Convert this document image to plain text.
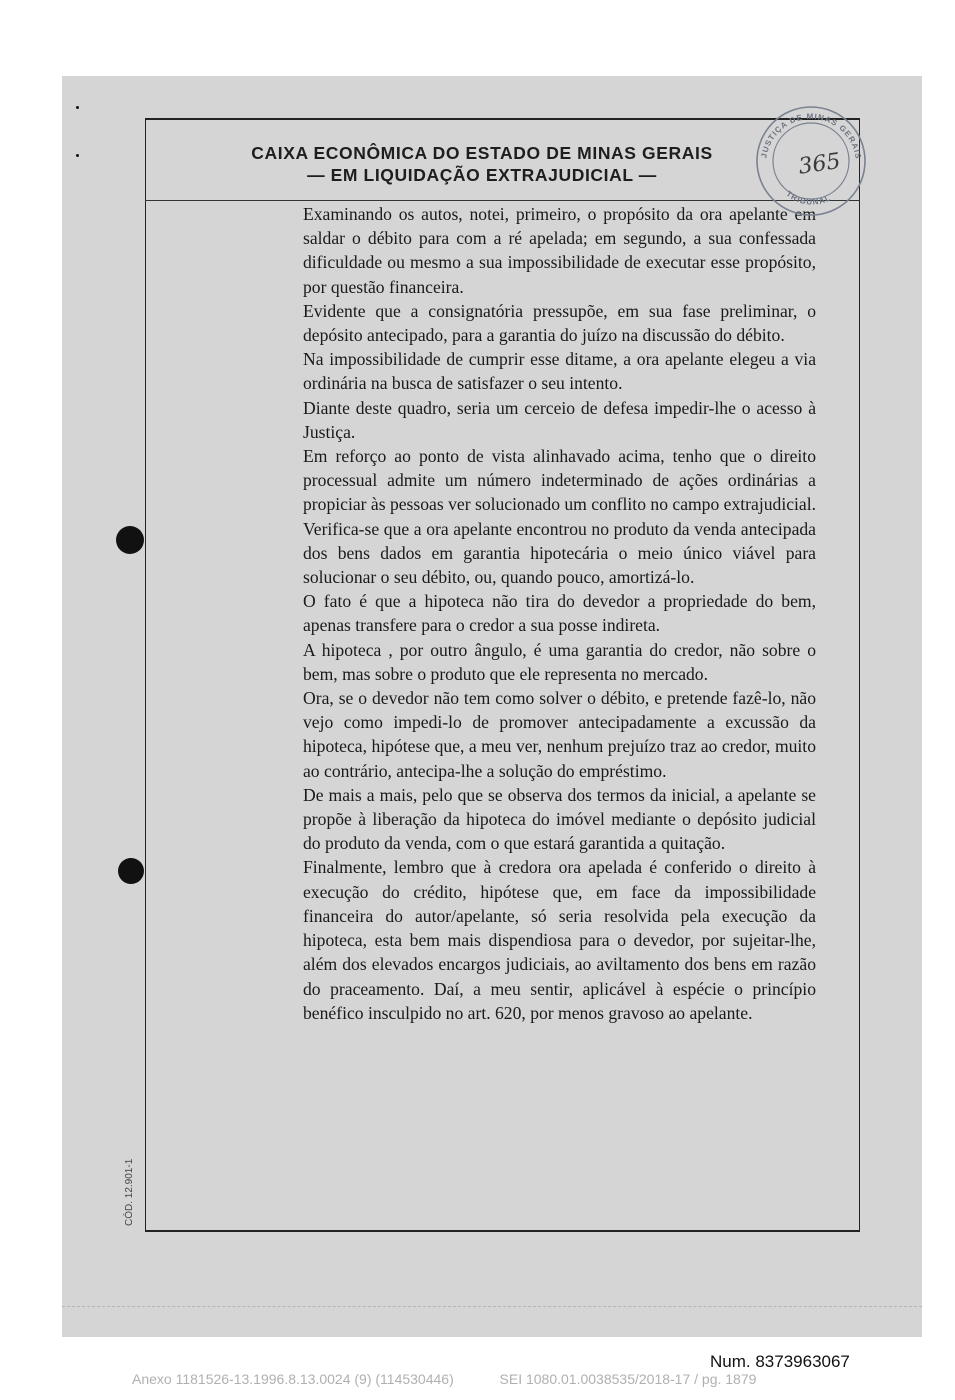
CAIXA ECONÔMICA DO ESTADO DE MINAS GERAIS
— EM LIQUIDAÇÃO EXTRAJUDICIAL —

Examinando os autos, notei, primeiro, o propósito da ora apelante em saldar o débito para com a ré apelada; em segundo, a sua confessada dificuldade ou mesmo a sua impossibilidade de executar esse propósito, por questão financeira.

Evidente que a consignatória pressupõe, em sua fase preliminar, o depósito antecipado, para a garantia do juízo na discussão do débito.

Na impossibilidade de cumprir esse ditame, a ora apelante elegeu a via ordinária na busca de satisfazer o seu intento.

Diante deste quadro, seria um cerceio de defesa impedir-lhe o acesso à Justiça.

Em reforço ao ponto de vista alinhavado acima, tenho que o direito processual admite um número indeterminado de ações ordinárias a propiciar às pessoas ver solucionado um conflito no campo extrajudicial.

Verifica-se que a ora apelante encontrou no produto da venda antecipada dos bens dados em garantia hipotecária o meio único viável para solucionar o seu débito, ou, quando pouco, amortizá-lo.

O fato é que a hipoteca não tira do devedor a propriedade do bem, apenas transfere para o credor a sua posse indireta.

A hipoteca , por outro ângulo, é uma garantia do credor, não sobre o bem, mas sobre o produto que ele representa no mercado.

Ora, se o devedor não tem como solver o débito, e pretende fazê-lo, não vejo como impedi-lo de promover antecipadamente a excussão da hipoteca, hipótese que, a meu ver, nenhum prejuízo traz ao credor, muito ao contrário, antecipa-lhe a solução do empréstimo.

De mais a mais, pelo que se observa dos termos da inicial, a apelante se propõe à liberação da hipoteca do imóvel mediante o depósito judicial do produto da venda, com o que estará garantida a quitação.

Finalmente, lembro que à credora ora apelada é conferido o direito à execução do crédito, hipótese que, em face da impossibilidade financeira do autor/apelante, só seria resolvida pela execução da hipoteca, esta bem mais dispendiosa para o devedor, por sujeitar-lhe, além dos elevados encargos judiciais, ao aviltamento dos bens em razão do praceamento. Daí, a meu sentir, aplicável à espécie o princípio benéfico insculpido no art. 620, por menos gravoso ao apelante.

CÓD. 12.901-1
JUSTIÇA DE MINAS GERAIS
TRIBUNAL
365
Num. 8373963067
Anexo 1181526-13.1996.8.13.0024 (9) (114530446)	SEI 1080.01.0038535/2018-17 / pg. 1879
